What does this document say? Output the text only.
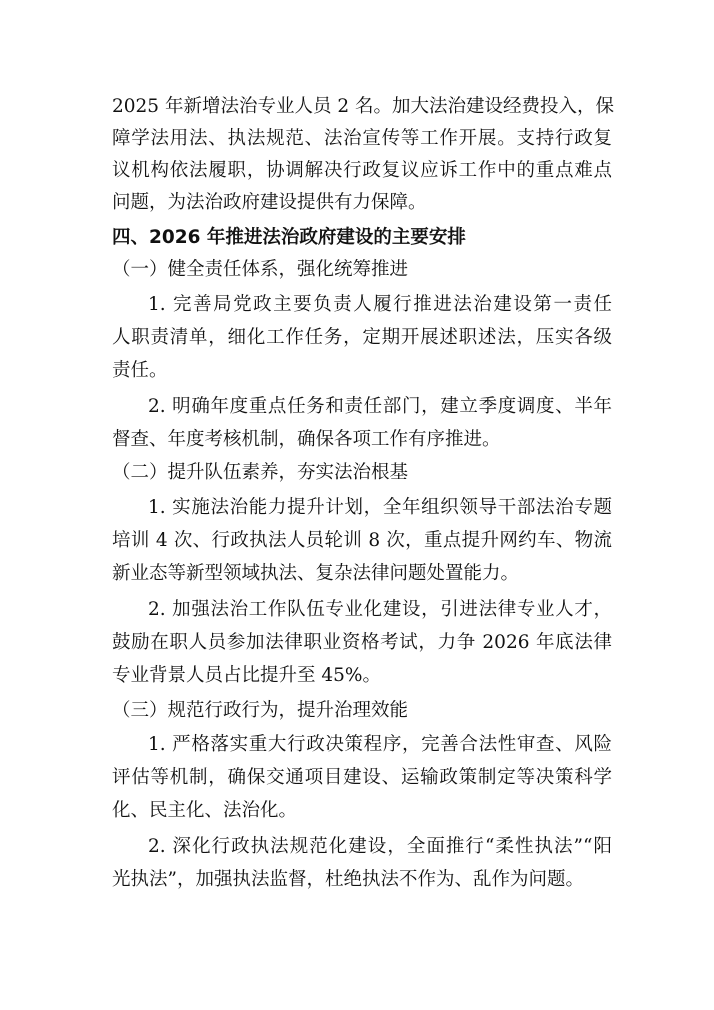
2025 年新增法治专业人员 2 名。加大法治建设经费投入，保
障学法用法、执法规范、法治宣传等工作开展。支持行政复
议机构依法履职，协调解决行政复议应诉工作中的重点难点
问题，为法治政府建设提供有力保障。
四、2026 年推进法治政府建设的主要安排
（一）健全责任体系，强化统筹推进
1. 完善局党政主要负责人履行推进法治建设第一责任
人职责清单，细化工作任务，定期开展述职述法，压实各级
责任。
2. 明确年度重点任务和责任部门，建立季度调度、半年
督查、年度考核机制，确保各项工作有序推进。
（二）提升队伍素养，夯实法治根基
1. 实施法治能力提升计划，全年组织领导干部法治专题
培训 4 次、行政执法人员轮训 8 次，重点提升网约车、物流
新业态等新型领域执法、复杂法律问题处置能力。
2. 加强法治工作队伍专业化建设，引进法律专业人才，
鼓励在职人员参加法律职业资格考试，力争 2026 年底法律
专业背景人员占比提升至 45%。
（三）规范行政行为，提升治理效能
1. 严格落实重大行政决策程序，完善合法性审查、风险
评估等机制，确保交通项目建设、运输政策制定等决策科学
化、民主化、法治化。
2. 深化行政执法规范化建设，全面推行“柔性执法”“阳
光执法”，加强执法监督，杜绝执法不作为、乱作为问题。
